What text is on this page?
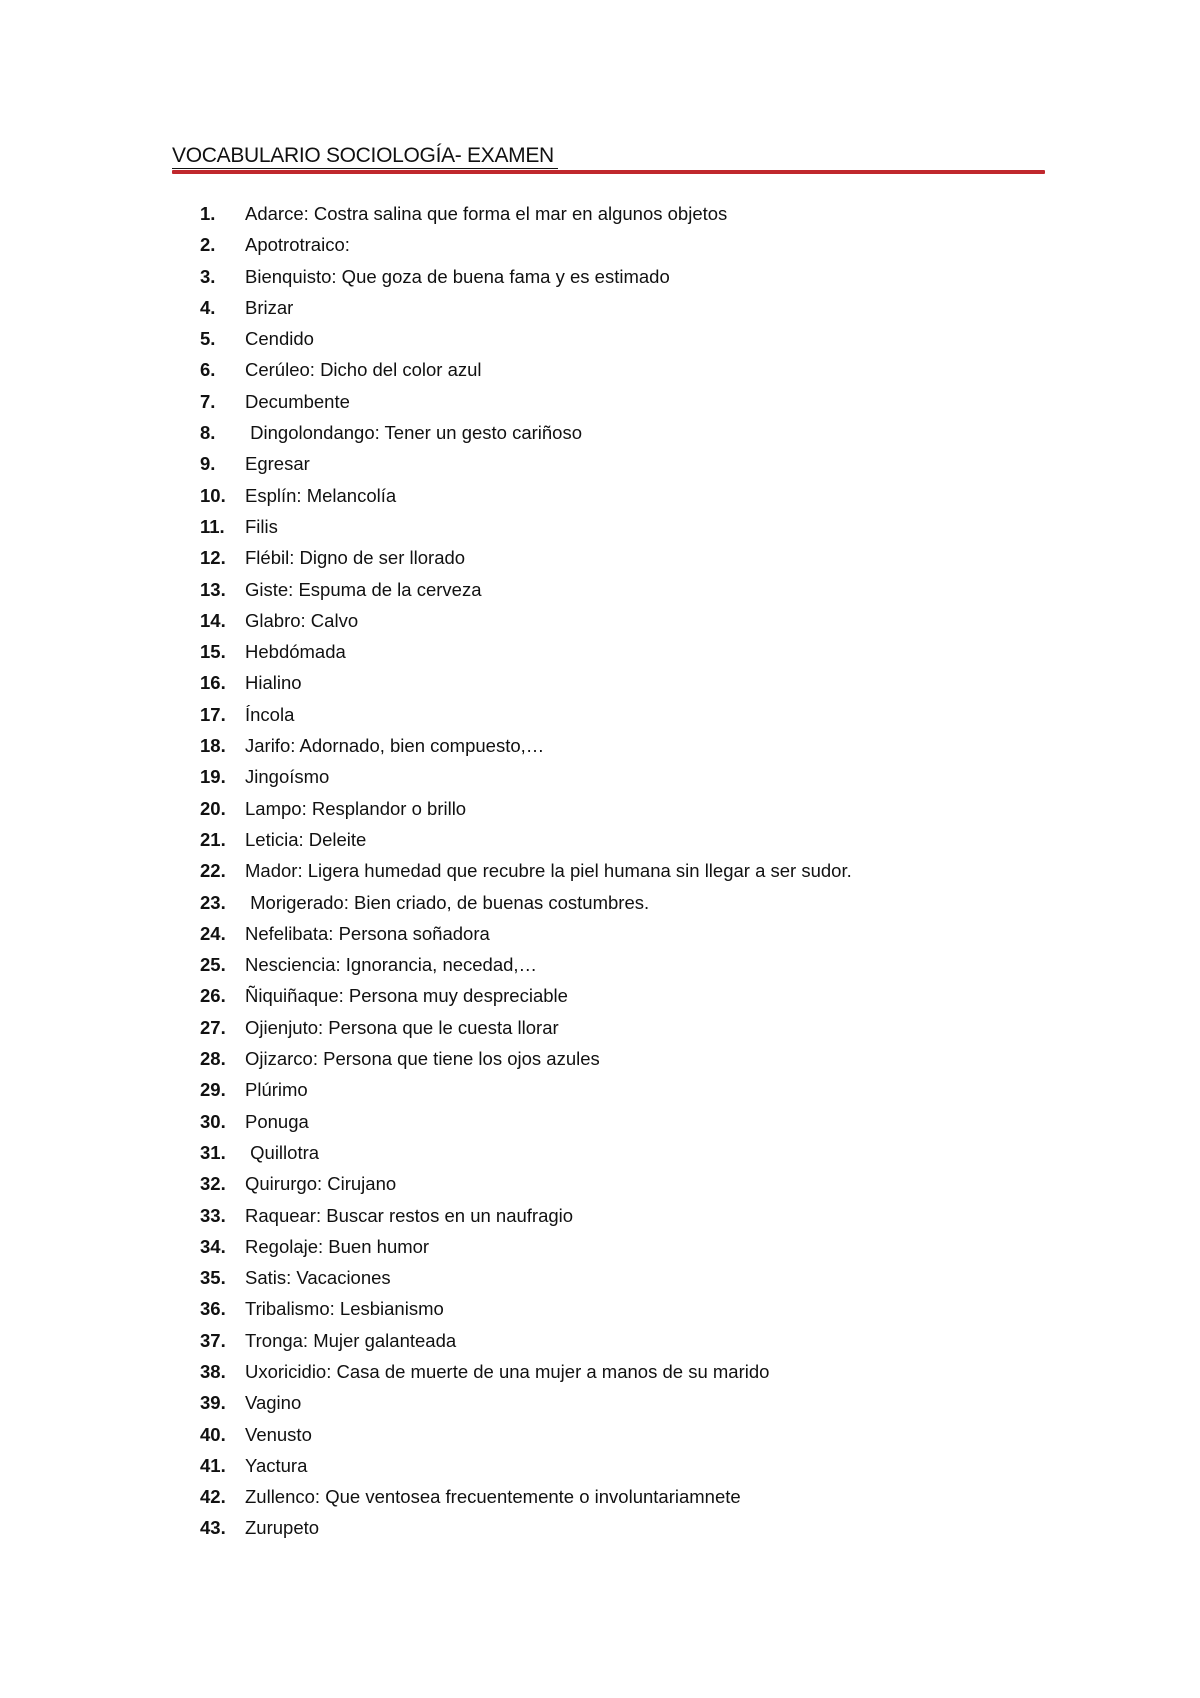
VOCABULARIO SOCIOLOGÍA- EXAMEN
1.	Adarce: Costra salina que forma el mar en algunos objetos
2.	Apotrotraico:
3.	Bienquisto: Que goza de buena fama y es estimado
4.	Brizar
5.	Cendido
6.	Cerúleo: Dicho del color azul
7.	Decumbente
8.	Dingolondango: Tener un gesto cariñoso
9.	Egresar
10.	Esplín: Melancolía
11.	Filis
12.	Flébil: Digno de ser llorado
13.	Giste: Espuma de la cerveza
14.	Glabro: Calvo
15.	Hebdómada
16.	Hialino
17.	Íncola
18.	Jarifo: Adornado, bien compuesto,…
19.	Jingoísmo
20.	Lampo: Resplandor o brillo
21.	Leticia: Deleite
22.	Mador: Ligera humedad que recubre la piel humana sin llegar a ser sudor.
23.	Morigerado: Bien criado, de buenas costumbres.
24.	Nefelibata: Persona soñadora
25.	Nesciencia: Ignorancia, necedad,…
26.	Ñiquiñaque: Persona muy despreciable
27.	Ojienjuto: Persona que le cuesta llorar
28.	Ojizarco: Persona que tiene los ojos azules
29.	Plúrimo
30.	Ponuga
31.	Quillotra
32.	Quirurgo: Cirujano
33.	Raquear: Buscar restos en un naufragio
34.	Regolaje: Buen humor
35.	Satis: Vacaciones
36.	Tribalismo: Lesbianismo
37.	Tronga: Mujer galanteada
38.	Uxoricidio: Casa de muerte de una mujer a manos de su marido
39.	Vagino
40.	Venusto
41.	Yactura
42.	Zullenco: Que ventosea frecuentemente o involuntariamnete
43.	Zurupeto
